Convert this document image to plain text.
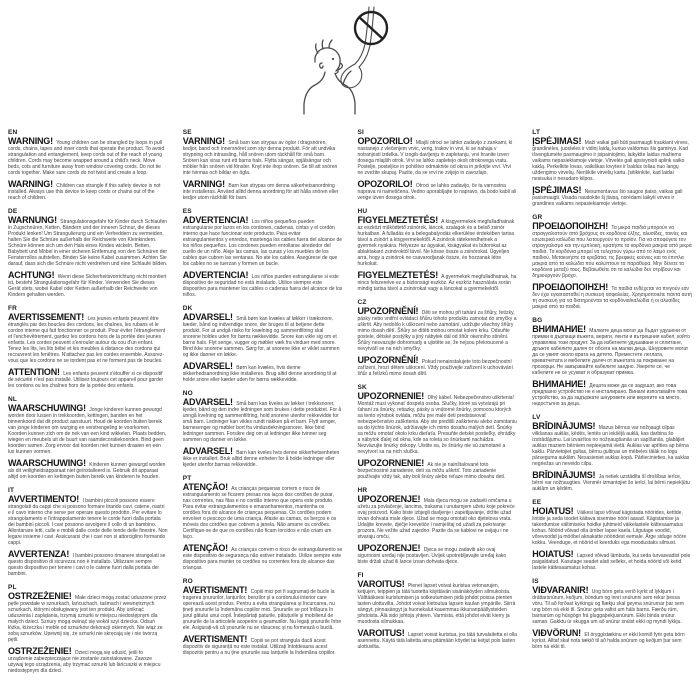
EN

WARNING! Young children can be strangled by loops in pull cords, chains, tapes and inner cords that operate the product. To avoid strangulation and entanglement, keep cords out of the reach of young children. Cords may become wrapped around a child's neck. Move beds, cots and furniture away from window covering cords. Do not tie cords together. Make sure cords do not twist and create a loop.

WARNING! Children can strangle if this safety device is not installed. Always use this device to keep cords or chains out of the reach of children.

DE

WARNUNG! Strangulationsgefahr für Kinder durch Schlaufen in Zugschnüren, Ketten, Bändern und der inneren Schnur, die dieses Produkt lenken! Um Strangulierung und ein Verheddern zu vermeiden, halten Sie die Schnüre außerhalb der Reichweite von Kleinkindern. Schnüre können sich um den Hals eines Kindes wickeln. Betten, Babybett und Möbel in einer sicheren Entfernung von den Schnüren der Fensterrollos aufstellen. Binden Sie keine Kabel zusammen. Achten Sie darauf, dass sich die Schnüre nicht verdrehen und eine Schlaufe bilden.

ACHTUNG! Wenn diese Sicherheitsvorrichtung nicht montiert ist, besteht Strangulationsgefahr für Kinder. Verwenden Sie dieses Gerät stets, wobei Kabel oder Ketten außerhalb der Reichweite von Kindern gehalten werden.

FR

AVERTISSEMENT! Les jeunes enfants peuvent être étranglés par des boucles des cordons, les chaînes, les rubans et le cordon interne qui fait fonctionner ce produit. Pour éviter l'étranglement et l'enchevêtrement, gardez les cordons hors de la portée des jeunes enfants. Les cordes peuvent s'enrouler autour du cou d'un enfant. Tenez les lits, les lits bébé et les meubles à distance des cordons qui recouvrent les fenêtres. N'attachez pas les cordes ensemble. Assurez-vous que les cordons ne se tordent pas et ne forment pas de boucles.

ATTENTION! Les enfants peuvent s'étouffer si ce dispositif de sécurité n'est pas installé. Utilisez toujours cet appareil pour garder les cordons ou les chaînes hors de la portée des enfants.

NL

WAARSCHUWING! Jonge kinderen kunnen gewurgd worden door lussen in trekkoorden, kettingen, banden en het binnenkoord dat dit product aanstuurt. Houd de koorden buiten bereik van jonge kinderen om wurging en verstrengeling te voorkomen. Koorden kunnen zich om de nek van een kind wikkelen. Plaats bedden, wiegen en meubels uit de buurt van raamdecoratiekoorden. Bind geen koorden samen. Zorg ervoor dat koorden niet kunnen draaien en een lus kunnen vormen.

WAARSCHUWING! Kinderen kunnen gewurgd worden als dit veiligheidsapparaat niet geïnstalleerd is. Gebruik dit apparaat altijd om koorden en kettingen buiten bereik van kinderen te houden.

IT

AVVERTIMENTO! I bambini piccoli possono essere strangolati da cappi che si possono formare tirando cavi, catene, nastri e il cavo interno che serve per operare questo prodotto. Per evitare lo strangolamento e l'intrappolamento tenere le corde fuori dalla portata dei bambini piccoli. I cavi possono avvolgere il collo di un bambino. Allontanare letti, culle e mobili dalle corde delle tende delle finestre. Non legare insieme i cavi. Assicurarsi che i cavi non si attorciglino formando cappi.

AVVERTENZA! I bambini possono rimanere strangolati se questo dispositivo di sicurezza non è installato. Utilizzare sempre questo dispositivo per tenere i cavi o le catene fuori dalla portata dei bambini.

PL

OSTRZEŻENIE! Małe dzieci mogą zostać uduszone przez pętle powstałe w sznurkach, łańcuchach, taśmach i wewnętrznych sznurkach, którymi obsługiwany jest ten produkt. Aby uniknąć uduszenia i zaplątania, trzymaj sznurki w miejscu niedostępnym dla małych dzieci. Sznury mogą owinąć się wokół szyi dziecka. Odsuń łóżka, łóżeczka i meble od sznurków dekoracji okiennych. Nie wiąż ze sobą sznurków. Upewnij się, że sznurki nie skręcają się i nie tworzą pętli.

OSTRZEŻENIE! Dzieci mogą się udusić, jeśli to urządzenie zabezpieczające nie zostanie zainstalowane. Zawsze używaj tego urządzenia, aby trzymać sznurki lub łańcuszki w miejscu niedostępnym dla dzieci.

SE

VARNING! Små barn kan strypas av öglor i dragsnören, kedjor, band och innersnöret som styr denna produkt. För att undvika strypning och intrassling, håll snören utom räckhåll för små barn. Snören kan viras runt ett barns hals. Flytta sängar, spjälsängar och möbler från snören vid fönster. Knyt inte ihop snören. Se till att snören inte tvinnas och bildar en ögla.

VARNING! Barn kan strypas om denna säkerhetsanordning inte installeras. Använd alltid denna anordning för att hålla snören eller kedjor utom räckhåll för barn.

ES

ADVERTENCIA! Los niños pequeños pueden estrangularse por lazos en los cordones, cadenas, cintas y el cordón interno que hace funcionar este producto. Para evitar estrangulamientos y enredos, mantenga los cables fuera del alcance de los niños pequeños. Los cordones pueden enrollarse alrededor del cuello de un niño. Aleje las camas, las cunas y los muebles de los cables que cubren las ventanas. No ate los cables. Asegúrese de que los cables no se tuerzan y formen un bucle.

ADVERTENCIA! Los niños pueden estrangularse si este dispositivo de seguridad no está instalado. Utilice siempre este dispositivo para mantener los cables o cadenas fuera del alcance de los niños.

DK

ADVARSEL! Små børn kan kvæles af løkker i træksnore, kæder, bånd og indvendige snore, der bruges til at betjene dette produkt. For at undgå risiko for kvælning og sammenfiltring skal snorene holdes uden for børns rækkevidde. Snore kan vikle sig om et barns hals. Flyt senge, vugger og møbler væk fra vinduer med snore. Bind ikke snorene sammen. Sørg for, at snorene ikke er viklet sammen og ikke danner en løkke.

ADVARSEL! Børn kan kvæles, hvis denne sikkerhedsanordning ikke installeres. Brug altid denne anordning til at holde snore eller kæder uden for børns rækkevidde.

NO

ADVARSEL! Små barn kan kveles av løkker i trekksnorer, kjeder, bånd og den indre ledningen som brukes i dette produktet. For å unngå kvelning og sammenfiltring, hold snorene utenfor rekkevidde for små barn. Ledninger kan vikles rundt nakken på et barn. Flytt senger, barnesenger og møbler bort fra vindusdekningssnorer. Ikke bind ledninger sammen. Forsikre deg om at ledninger ikke tvinner seg sammen og danner en løkke.

ADVARSEL! Barn kan kveles hvis denne sikkerhetsenheten ikke er installert. Bruk alltid denne enheten for å holde ledninger eller kjeder utenfor barnas rekkevidde.

PT

ATENÇÃO! As crianças pequenas correm o risco de estrangulamento se ficarem presas nos laços dos cordões de puxar, nas correntes, nas fitas e no cordão interno que opera este produto. Para evitar estrangulamentos e emaranhamentos, mantenha os cordões fora do alcance de crianças pequenas. Os cordões podem envolver o pescoço de uma criança. Afaste as camas, os berços e os móveis dos cordões que cobrem a janela. Não amarre os cordões. Certifique-se de que os cordões não ficam torcidos e não criam um laço.

ATENÇÃO! As crianças correm o risco de estrangulamento se este dispositivo de segurança não estiver instalado. Utilize sempre este dispositivo para manter os cordões ou correntes fora do alcance das crianças.

RO

AVERTISMENT! Copiii mici pot fi sugrumați de bucle la tragerea șnururilor, lanțurilor, benzilor și a cordonului interior care operează acest produs. Pentru a evita strangularea și încurcarea, nu țineți șnururile la îndemâna copiilor mici. Șnururile se pot înfășura în jurul gâtului unui copil. Îndepărtați paturile, pătuțurile și mobilierul de șnururile de la articolele acoperire a geamurilor. Nu legați șnururile între ele. Asigurați-vă că șnururile nu se răsucesc și nu formează o buclă.

AVERTISMENT! Copiii se pot strangula dacă acest dispozitiv de siguranță nu este instalat. Utilizați întotdeauna acest dispozitiv pentru a nu ține șnururile sau lanțurile la îndemâna copiilor.

SI

OPOZORILO! Mlajši otroci se lahko zadavijo z zankami, ki nastanejo z vlečenjem vrvic, verig, trakov in vrvi, ki se nahaja v notranjosti izdelka. V izogib davljenju in zapletanju, vrvi hranite izven dosega mlajših otrok. Vrvi se lahko zapletejo okoli otrokovega vratu. Postelje, posteljice in pohištvo odmaknite od okna in prikrijte vrvi. Vrvi ne zvežite skupaj. Pazite, da se vrvi ne zvijejo in zavozlajo.

OPOZORILO! Otroci se lahko zadavijo, če ta varnostna naprava ni nameščena. Vedno uporabljajte to napravo, da bodo kabli ali verige izven dosega otrok.

HU

FIGYELMEZTETÉS! A kisgyermekek megfulladhatnak az eszközt működtető zsinórok, láncok, szalagok és a belső zsinór hurkaiban. A fulladás és a belegabalyodás elkerülése érdekében tartsa távol a zsinórt a kisgyermekektől. A zsinórok rátekeredhetnek a gyermek nyakára. Helyezze az ágyakat, kiságyakat és bútorokat az ablaktakaró zsinóroktól távol. Ne kösse össze a zsinórokat. Ügyeljen arra, hogy a zsinórok ne csavarodjanak össze, és hozzanak létre hurkokat.

FIGYELMEZTETÉS! A gyermekek megfulladhatnak, ha nincs felszerelve ez a biztonsági eszköz. Az eszköz használata során mindig tartsa távol a zsinórokat vagy a láncokat a gyermekektől.

CZ

UPOZORNĚNÍ! Děti se mohou při tahání za šňůry, řetízky, pásky nebo vnitřní ovládací šňůru tohoto produktu zamotat do smyčky a uškrtit. Aby nedošlo k uškrcení nebo zamotání, udržujte všechny šňůry mimo dosah dětí. Šňůry se dítěti mohou omotat kolem krku. Odsuňte postele, dětské postýlky a jiný nábytek dál od šňůr okenního stínění. Šňůry nesvazujte dohromady a ujistěte se, že nejsou překroucené a nevytváří se na nich smyčky.

UPOZORNĚNÍ! Pokud nenainstalujete toto bezpečnostní zařízení, hrozí dětem uškrcení. Vždy používejte zařízení k uchovávání šňůr a řetízků mimo dosah dětí.

SK

UPOZORNENIE! Dlhý kábel. Nebezpečenstvo uškrtenia! Montáž musí vykonať dospelá osoba. Slučky, ktoré sa vytvárajú pri ťahaní za šnúrky, retiazky, pásky a vnútorné šnúrky, pomocou ktorých sa tento výrobok ovláda, môžu pre malé deti predstavovať nebezpečenstvo zaškrtenia. Aby ste predišli zaškrteniu alebo zamotaniu sa do týchto šnúrok, udržiavajte ich mimo dosahu malých detí. Šnúrky sa môžu omotať okolo krku dieťaťa. Presuňte detské postieľky, ohrádky a nábytok ďalej od okna, kde sa roleta so šnúrkami nachádza. Nezväzujte šnúrky dokopy. Uistite sa, že šnúrky nie sú zamotané a nevytvorí sa na nich slučka.

UPOZORNENIE! Ak nie je nainštalované toto bezpečnostné zariadenie, deti sa môžu uškrtiť. Toto zariadenie používajte vždy tak, aby boli šnúry alebo reťaze mimo dosahu detí.

HR

UPOZORENJE! Mala djeca mogu se zadaviti omčama u užetu za povlačenje, lancima, trakama i unutarnjem užetu koje pokreće ovaj proizvod. Kako biste izbjegli davljenje i zapetljavanje, držite užad izvan dohvata male djece. Užad se mogu omotati oko djetetova vrata. Udaljite krevete, dječje krevetiće i namještaj od užadi za pokrivanje prozora. Ne vežite užad zajedno. Pazite da se kablovi ne uvijaju i ne stvaraju omču.

UPOZORENJE! Djeca se mogu zadaviti ako ovaj sigurnosni uređaj nije postavljen. Uvijek upotrebljavajte uređaj kako biste držali užad ili lance izvan dohvata djece.

FI

VAROITUS! Pienet lapset voivat kuristua vetonarujen, ketjujen, teippien ja tätä tuotetta käyttävän sisänäköyden silmukoista. Välttääksesi kuristumisen ja sotkeutumisen pidä johdot poissa pienten lasten ulottuvilta. Johdot voivat kietoutua lapsen kaulan ympärille. Siirrä sängyt, pinnasängyt ja huonekalut kauemmas ikkunanpäällysteiden johdoista. Älä sido johtoja yhteen. Varmista, että johdot eivät kierry ja muodosta silmukkaa.

VAROITUS! Lapset voivat kuristua, jos tätä turvalaitetta ei olla asennettu. Käytä tätä laitetta aina pitämään köydet tai ketjut pois lasten ulottuvilta.

LT

ĮSPĖJIMAS! Maži vaikai gali būti pasmaugti traukiant virves, grandinėles, juosteles ir vidinį laidą, kuriuo valdomas šis gaminys. Kad išvengtumėte pasmaugimo ir įsipainiojimo, laikykite laidus mažiems vaikams nepasiekiamoje vietoje. Virvelės gali apsivynioti aplink vaiko kaklą. Perkelkite lovas, vaikiškas lovytes ir baldus toliau nuo langų uždengimo virvelių. Neriškite virvelių kartu. Įsitikinkite, kad laidai nesisuka ir nesudaro kilpos.

ĮSPĖJIMAS! Nesumontavus šio saugos įtaiso, vaikas gali pasismaugti. Visada naudokite šį įtaisą, norėdami laikyti virves ir grandines vaikams nepasiekiamoje vietoje.

GR

ΠΡΟΕΙΔΟΠΟΙΗΣΗ! Τα μικρά παιδιά μπορούν να στραγγαλιστούν από βρόχους σε κορδόνια έλξης, αλυσίδες, ταινίες και εσωτερικά καλώδια που λειτουργούν το προϊόν. Για να αποφύγετε τον στραγγαλισμό και την εμπλοκή, κρατήστε τα κορδόνια μακριά από μικρά παιδιά. Τα κορδόνια μπορεί να τυλιχτούν γύρω από το λαιμό ενός παιδιού. Μετακινήστε τα κρεβάτια, τις βρεφικές κούνιες και τα έπιπλα μακριά από τα καλώδια που καλύπτουν τα παράθυρα. Μην δένετε τα κορδόνια μεταξύ τους. Βεβαιωθείτε ότι τα καλώδια δεν στρίβουν και δημιουργούν βρόχο.

ΠΡΟΕΙΔΟΠΟΙΗΣΗ! Τα παιδιά ενδέχεται να πνιγούν εάν δεν έχει εγκατασταθεί η συσκευή ασφαλείας. Χρησιμοποιείτε πάντα αυτή τη συσκευή για να διατηρούνται τα κορδόνια/καλώδια ή οι αλυσίδες μακριά από τα παιδιά.

BG

ВНИМАНИЕ! Малките деца могат да бъдат удушени от примки в дърпащи въжета, вериги, ленти и вътрешния кабел, който управлява този продукт. За да избегнете удушаване и сплитане, дръжте кабелите далеч от обсега на малки деца. Шнуровете могат да се увият около врата на детето. Преместете леглата, креватчетата и мебелите далеч от въжетата за покриване на прозорци. Не завързвайте кабелите заедно. Уверете се, че кабелите не се усукват и образуват примка.

ВНИМАНИЕ! Децата може да се задушат, ако това предпазно устройство не е инсталирано. Винаги използвайте това устройство, за да задържате шнуровете или веригите на място, недостъпно за деца.

LV

BRĪDINĀJUMS! Mazus bērnus var nožņaugt cilpas vilkšanas auklās, ķēdēs, lentēs un iekšējā auklā, kas darbina šo izstrādājumu. Lai izvairītos no nožņaugšanās un sapīšanās, glabājiet auklas maziem bērniem nepieejamā vietā. Auklas var aptīties ap bērna kaklu. Pārvietojiet gultas, bērnu gultiņas un mēbeles tālāk no logu pārseguma auklām. Nesasieniet auklas kopā. Pārliecinieties, ka auklas negriežas un neveido cilpu.

BRĪDINĀJUMS! Ja netiek uzstādīta šī drošības ierīce, bērni var nožņaugties. Vienmēr izmantojiet šo ierīci, lai bērni nepiekļūtu auklām un ķēdēm.

EE

HOIATUS! Väikesi lapsi võivad kägistada nöörides, kettide, lintide ja seda toodet käitava sisemise nööri aasad. Kägistamise ja takerdumise vältimiseks hoidke juhtmeid väikelastele kättesaamatus kohas. Nöörid võivad olla ümber lapse kaela. Liigutage voodid, võrevoodid ja mööbel aknakatte nööridest eemale. Ärge siduge nööre kokku. Veenduge, et nöörid ei keerduks ega moodustaks silmust.

HOIATUS! Lapsed võivad lämbuda, kui seda turvaseadist pole paigaldatud. Kasutage seadet alati selleks, et hoida nöörid või ketid lastele kättesaamatus kohas.

IS

VIÐVARANIR! Ung börn geta verið kyrkt af lykkjum í dráttarsnúrum, keðjum, böndum og innri snúrunni sem rekur þessa vöru. Til að forðast kyrkingu og flækju skal geyma snúrurnar þar sem ung börn ná ekki til. Snúrur geta vafist um háls barns. Færðu rúm, barnarúm og húsgögn frá gluggaþekjusnúrum. Ekki binda snúrur saman. Gakktu úr skugga um að snúrur snúist ekki og myndi lykkju.

VIÐVÖRUN! Ef öryggistækinu er ekki komið fyrir geta börn kyrkst. Alltaf skal nota tækið til að halda snúrum og keðjum þar sem börn ná ekki til.
